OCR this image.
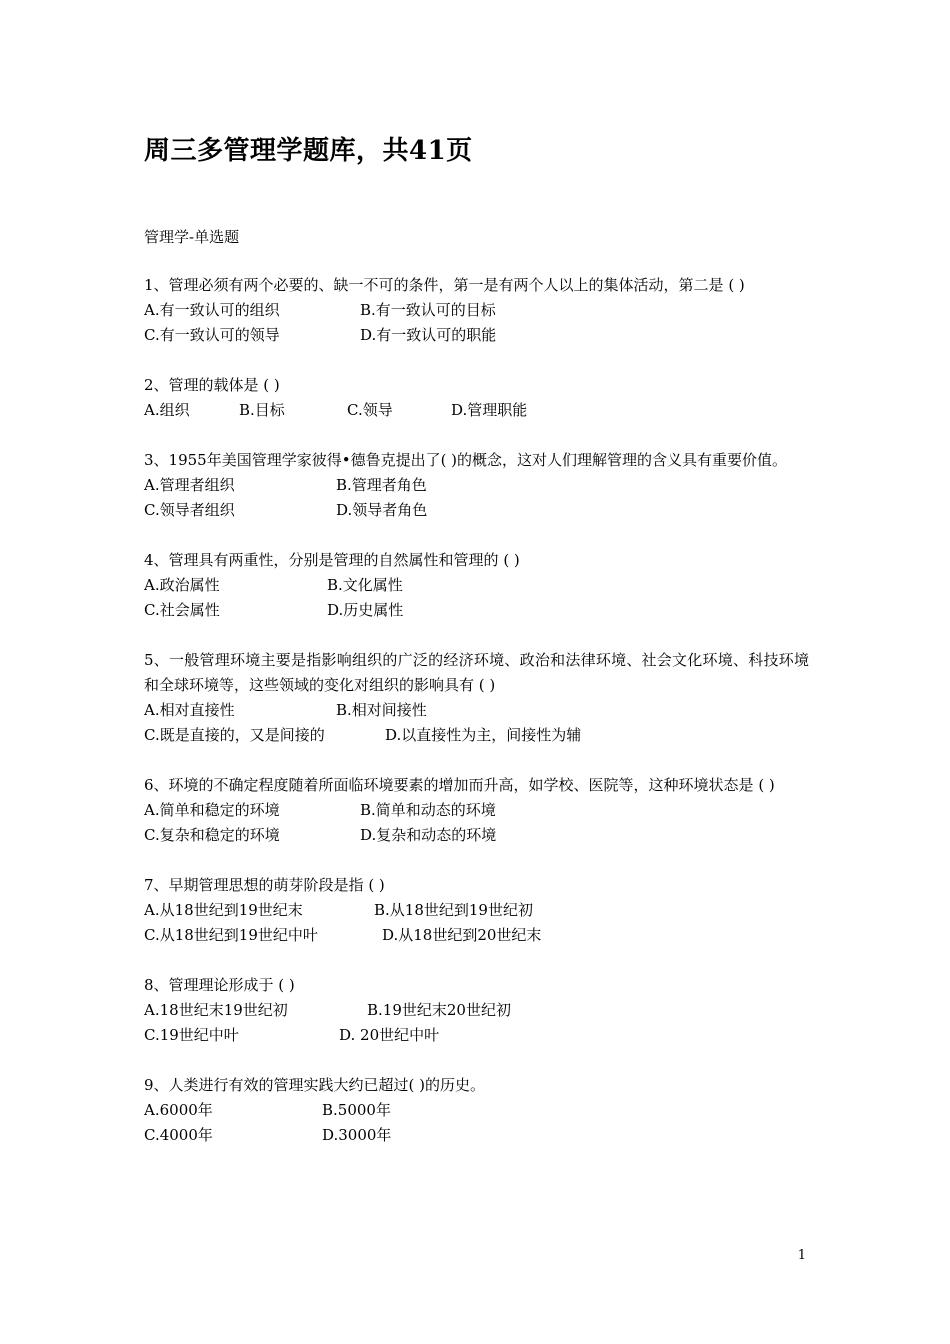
周三多管理学题库，共41页
管理学-单选题
1、管理必须有两个必要的、缺一不可的条件，第一是有两个人以上的集体活动，第二是 ( )
A.有一致认可的组织	B.有一致认可的目标
C.有一致认可的领导	D.有一致认可的职能
2、管理的载体是 ( )
A.组织	B.目标	C.领导	D.管理职能
3、1955年美国管理学家彼得•德鲁克提出了( )的概念，这对人们理解管理的含义具有重要价值。
A.管理者组织	B.管理者角色
C.领导者组织	D.领导者角色
4、管理具有两重性，分别是管理的自然属性和管理的 ( )
A.政治属性	B.文化属性
C.社会属性	D.历史属性
5、一般管理环境主要是指影响组织的广泛的经济环境、政治和法律环境、社会文化环境、科技环境和全球环境等，这些领域的变化对组织的影响具有 ( )
A.相对直接性	B.相对间接性
C.既是直接的，又是间接的	D.以直接性为主，间接性为辅
6、环境的不确定程度随着所面临环境要素的增加而升高，如学校、医院等，这种环境状态是 ( )
A.简单和稳定的环境	B.简单和动态的环境
C.复杂和稳定的环境	D.复杂和动态的环境
7、早期管理思想的萌芽阶段是指 ( )
A.从18世纪到19世纪末	B.从18世纪到19世纪初
C.从18世纪到19世纪中叶	D.从18世纪到20世纪末
8、管理理论形成于 ( )
A.18世纪末19世纪初	B.19世纪末20世纪初
C.19世纪中叶	D. 20世纪中叶
9、人类进行有效的管理实践大约已超过( )的历史。
A.6000年	B.5000年
C.4000年	D.3000年
1
